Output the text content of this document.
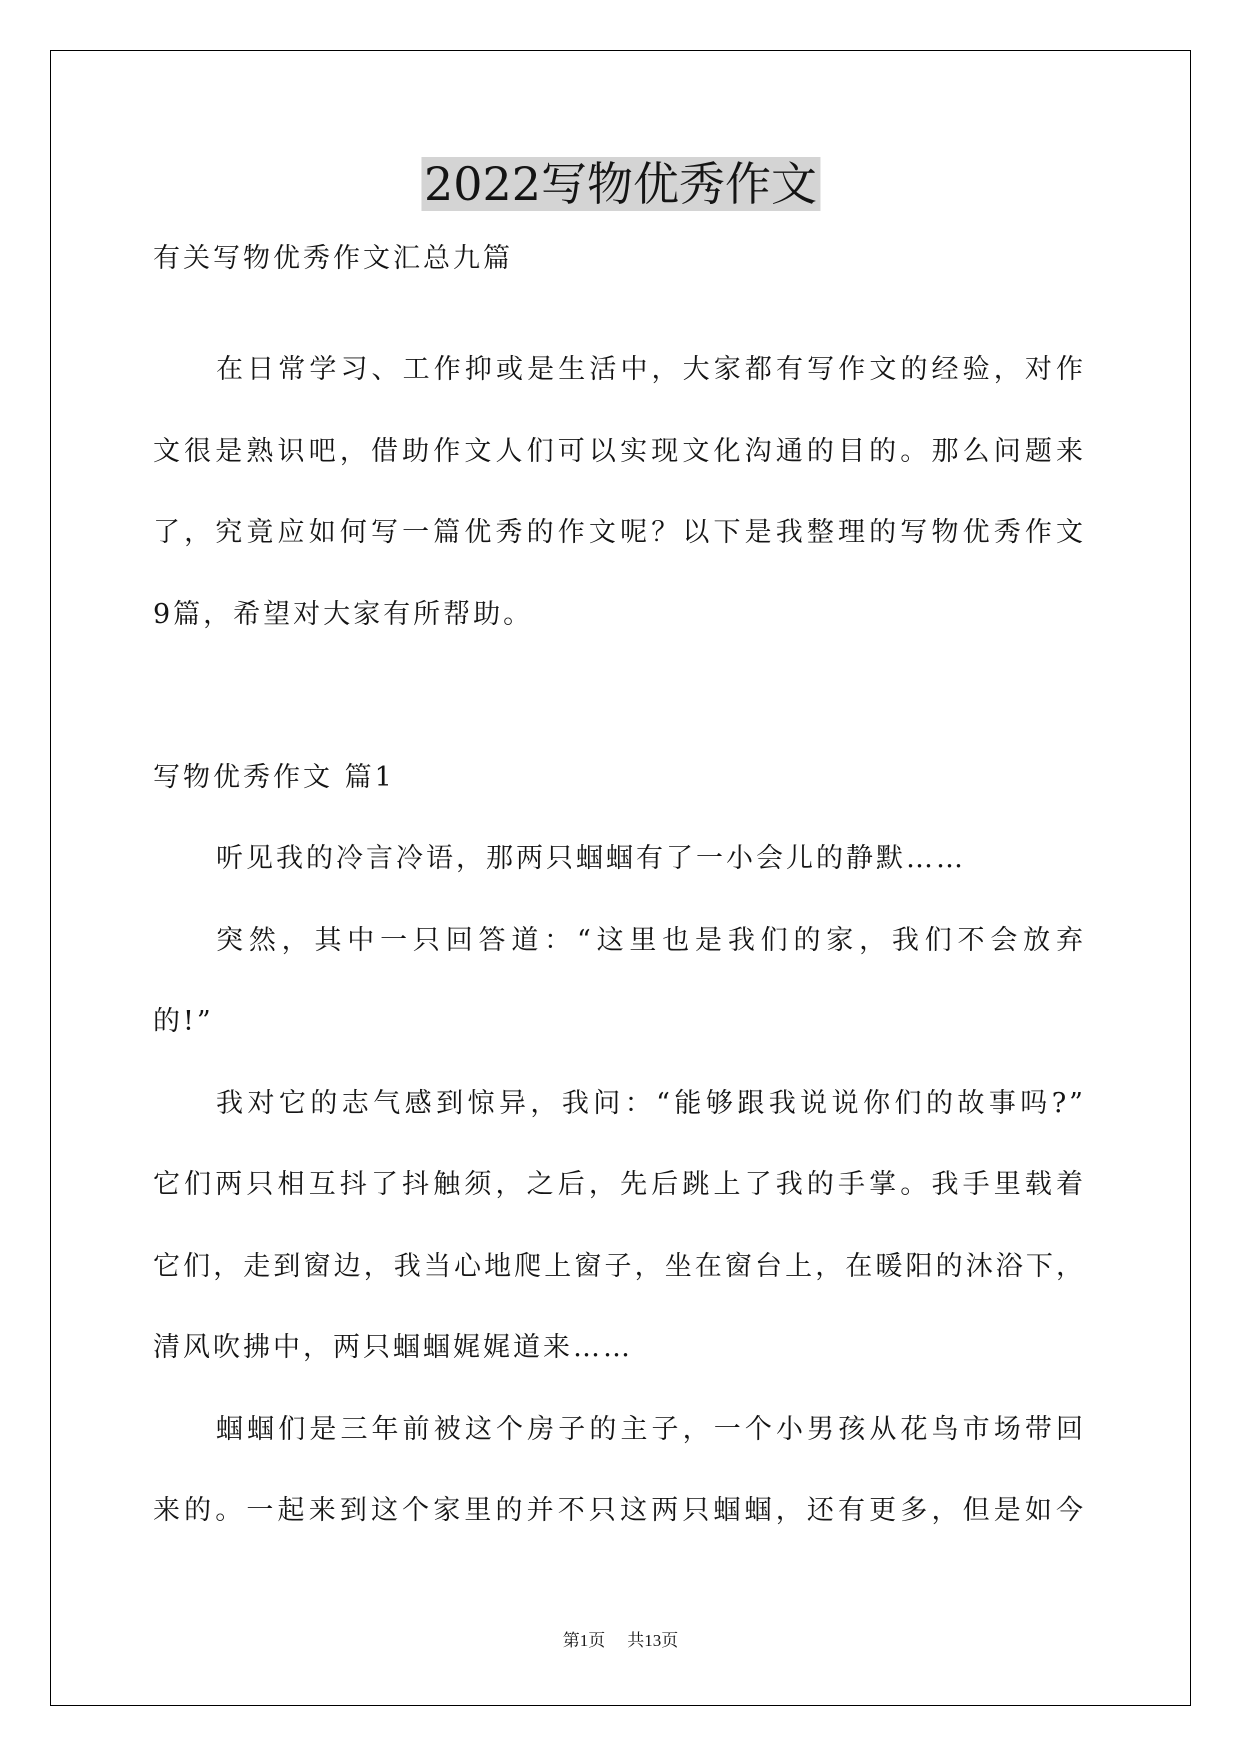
2022写物优秀作文
有关写物优秀作文汇总九篇
在日常学习、工作抑或是生活中，大家都有写作文的经验，对作
文很是熟识吧，借助作文人们可以实现文化沟通的目的。那么问题来
了，究竟应如何写一篇优秀的作文呢？以下是我整理的写物优秀作文
9篇，希望对大家有所帮助。
写物优秀作文 篇1
听见我的冷言冷语，那两只蝈蝈有了一小会儿的静默……
突然，其中一只回答道：“这里也是我们的家，我们不会放弃
的!”
我对它的志气感到惊异，我问：“能够跟我说说你们的故事吗?”
它们两只相互抖了抖触须，之后，先后跳上了我的手掌。我手里载着
它们，走到窗边，我当心地爬上窗子，坐在窗台上，在暖阳的沐浴下，
清风吹拂中，两只蝈蝈娓娓道来……
蝈蝈们是三年前被这个房子的主子，一个小男孩从花鸟市场带回
来的。一起来到这个家里的并不只这两只蝈蝈，还有更多，但是如今
第1页 共13页
